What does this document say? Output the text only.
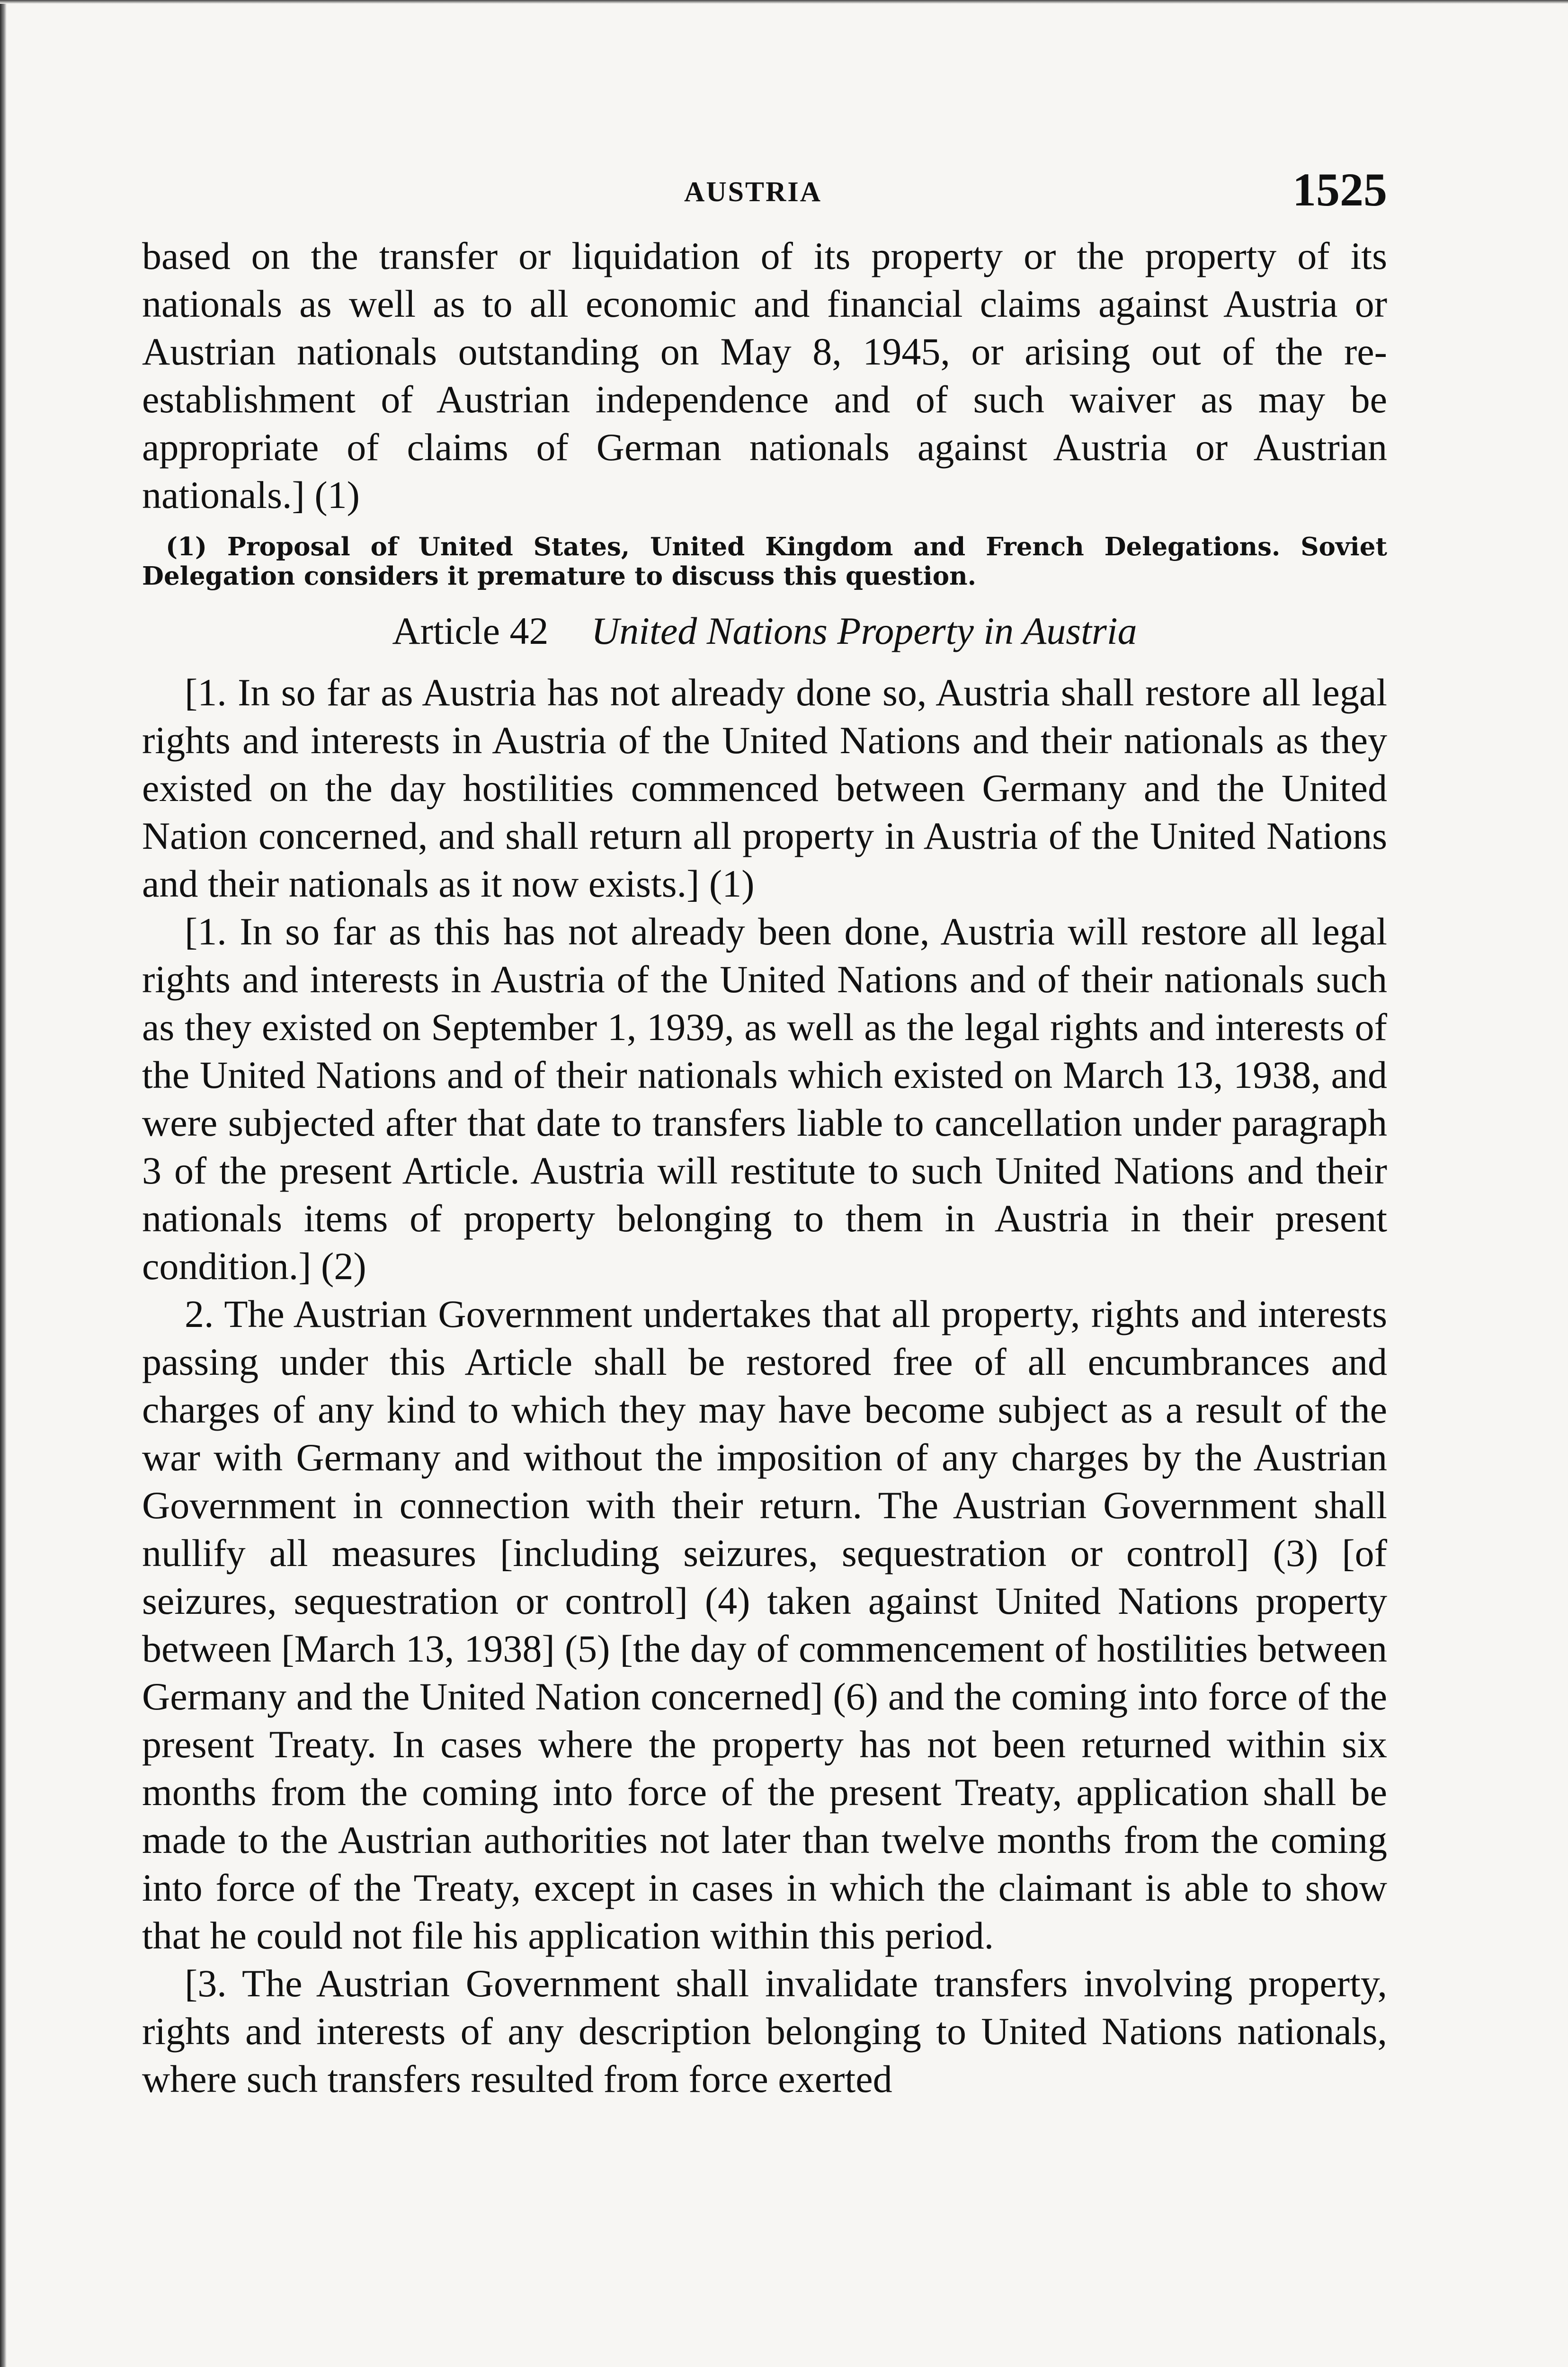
AUSTRIA	1525

based on the transfer or liquidation of its property or the property of its nationals as well as to all economic and financial claims against Austria or Austrian nationals outstanding on May 8, 1945, or arising out of the re-establishment of Austrian independence and of such waiver as may be appropriate of claims of German nationals against Austria or Austrian nationals.] (1)

(1) Proposal of United States, United Kingdom and French Delegations. Soviet Delegation considers it premature to discuss this question.

Article 42 United Nations Property in Austria

[1. In so far as Austria has not already done so, Austria shall restore all legal rights and interests in Austria of the United Nations and their nationals as they existed on the day hostilities commenced between Germany and the United Nation concerned, and shall return all property in Austria of the United Nations and their nationals as it now exists.] (1)

[1. In so far as this has not already been done, Austria will restore all legal rights and interests in Austria of the United Nations and of their nationals such as they existed on September 1, 1939, as well as the legal rights and interests of the United Nations and of their nationals which existed on March 13, 1938, and were subjected after that date to transfers liable to cancellation under paragraph 3 of the present Article. Austria will restitute to such United Nations and their nationals items of property belonging to them in Austria in their present condition.] (2)

2. The Austrian Government undertakes that all property, rights and interests passing under this Article shall be restored free of all encumbrances and charges of any kind to which they may have become subject as a result of the war with Germany and without the imposition of any charges by the Austrian Government in connection with their return. The Austrian Government shall nullify all measures [including seizures, sequestration or control] (3) [of seizures, sequestration or control] (4) taken against United Nations property between [March 13, 1938] (5) [the day of commencement of hostilities between Germany and the United Nation concerned] (6) and the coming into force of the present Treaty. In cases where the property has not been returned within six months from the coming into force of the present Treaty, application shall be made to the Austrian authorities not later than twelve months from the coming into force of the Treaty, except in cases in which the claimant is able to show that he could not file his application within this period.

[3. The Austrian Government shall invalidate transfers involving property, rights and interests of any description belonging to United Nations nationals, where such transfers resulted from force exerted
